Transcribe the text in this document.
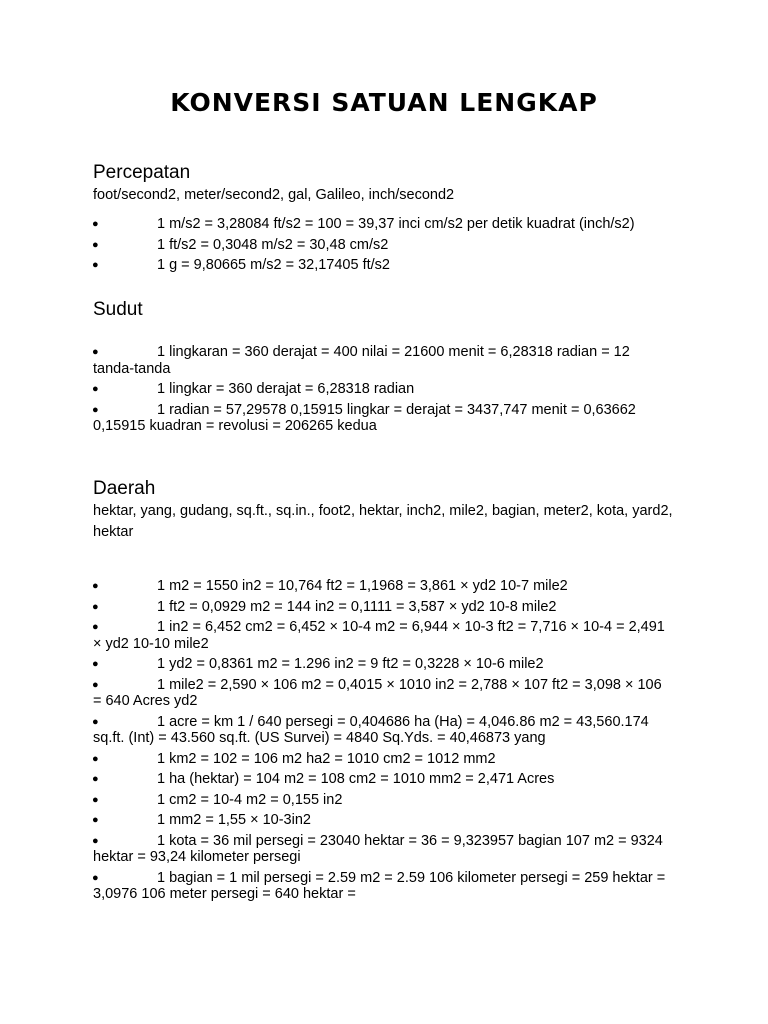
KONVERSI SATUAN LENGKAP
Percepatan

foot/second2, meter/second2, gal, Galileo, inch/second2

●	1 m/s2 = 3,28084 ft/s2 = 100 = 39,37 inci cm/s2 per detik kuadrat (inch/s2)
●	1 ft/s2 = 0,3048 m/s2 = 30,48 cm/s2
●	1 g = 9,80665 m/s2 = 32,17405 ft/s2
Sudut
●	1 lingkaran = 360 derajat = 400 nilai = 21600 menit = 6,28318 radian = 12 tanda-tanda
●	1 lingkar = 360 derajat = 6,28318 radian
●	1 radian = 57,29578 0,15915 lingkar = derajat = 3437,747 menit = 0,63662 0,15915 kuadran = revolusi = 206265 kedua
Daerah

hektar, yang, gudang, sq.ft., sq.in., foot2, hektar, inch2, mile2, bagian, meter2, kota, yard2, hektar

●	1 m2 = 1550 in2 = 10,764 ft2 = 1,1968 = 3,861 × yd2 10-7 mile2
●	1 ft2 = 0,0929 m2 = 144 in2 = 0,1111 = 3,587 × yd2 10-8 mile2
●	1 in2 = 6,452 cm2 = 6,452 × 10-4 m2 = 6,944 × 10-3 ft2 = 7,716 × 10-4 = 2,491 × yd2 10-10 mile2
●	1 yd2 = 0,8361 m2 = 1.296 in2 = 9 ft2 = 0,3228 × 10-6 mile2
●	1 mile2 = 2,590 × 106 m2 = 0,4015 × 1010 in2 = 2,788 × 107 ft2 = 3,098 × 106 = 640 Acres yd2
●	1 acre = km 1 / 640 persegi = 0,404686 ha (Ha) = 4,046.86 m2 = 43,560.174 sq.ft. (Int) = 43.560 sq.ft. (US Survei) = 4840 Sq.Yds. = 40,46873 yang
●	1 km2 = 102 = 106 m2 ha2 = 1010 cm2 = 1012 mm2
●	1 ha (hektar) = 104 m2 = 108 cm2 = 1010 mm2 = 2,471 Acres
●	1 cm2 = 10-4 m2 = 0,155 in2
●	1 mm2 = 1,55 × 10-3in2
●	1 kota = 36 mil persegi = 23040 hektar = 36 = 9,323957 bagian 107 m2 = 9324 hektar = 93,24 kilometer persegi
●	1 bagian = 1 mil persegi = 2.59 m2 = 2.59 106 kilometer persegi = 259 hektar = 3,0976 106 meter persegi = 640 hektar =
